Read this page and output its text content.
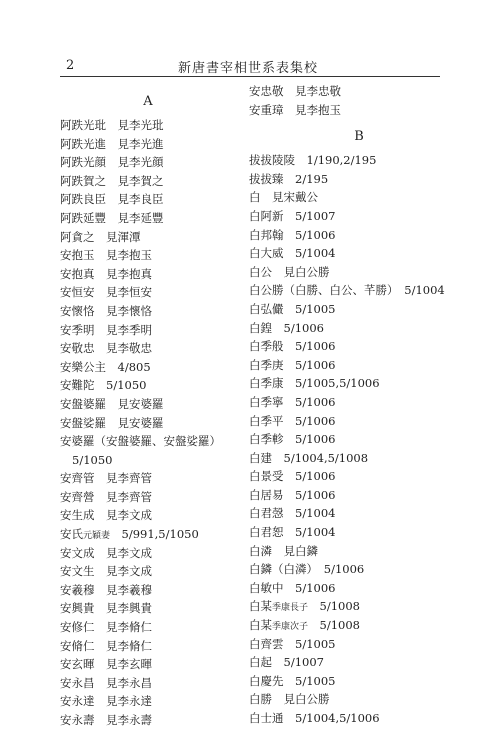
2	新唐書宰相世系表集校
A
阿跌光玭　見李光玭
阿跌光進　見李光進
阿跌光顔　見李光顔
阿跌賀之　見李賀之
阿跌良臣　見李良臣
阿跌延豐　見李延豐
阿貪之　見渾潭
安抱玉　見李抱玉
安抱真　見李抱真
安恒安　見李恒安
安懷恪　見李懷恪
安季明　見李季明
安敬忠　見李敬忠
安樂公主　4/805
安難陀　5/1050
安盤婆羅　見安婆羅
安盤娑羅　見安婆羅
安婆羅（安盤婆羅、安盤娑羅）
5/1050
安齊管　見李齊管
安齊營　見李齊管
安生成　見李文成
安氏元穎妻　5/991,5/1050
安文成　見李文成
安文生　見李文成
安羲穆　見李羲穆
安興貴　見李興貴
安修仁　見李脩仁
安脩仁　見李脩仁
安玄暉　見李玄暉
安永昌　見李永昌
安永達　見李永達
安永壽　見李永壽
安忠敬　見李忠敬
安重璋　見李抱玉
B
拔拔陵陵　1/190,2/195
拔拔臻　2/195
白　見宋戴公
白阿新　5/1007
白邦翰　5/1006
白大威　5/1004
白公　見白公勝
白公勝（白勝、白公、芊勝）　5/1004
白弘儼　5/1005
白鍠　5/1006
白季般　5/1006
白季庚　5/1006
白季康　5/1005,5/1006
白季寧　5/1006
白季平　5/1006
白季軫　5/1006
白建　5/1004,5/1008
白景受　5/1006
白居易　5/1006
白君愨　5/1004
白君恕　5/1004
白潾　見白鏻
白鏻（白潾）　5/1006
白敏中　5/1006
白某季康長子　5/1008
白某季康次子　5/1008
白齊雲　5/1005
白起　5/1007
白慶先　5/1005
白勝　見白公勝
白士通　5/1004,5/1006
